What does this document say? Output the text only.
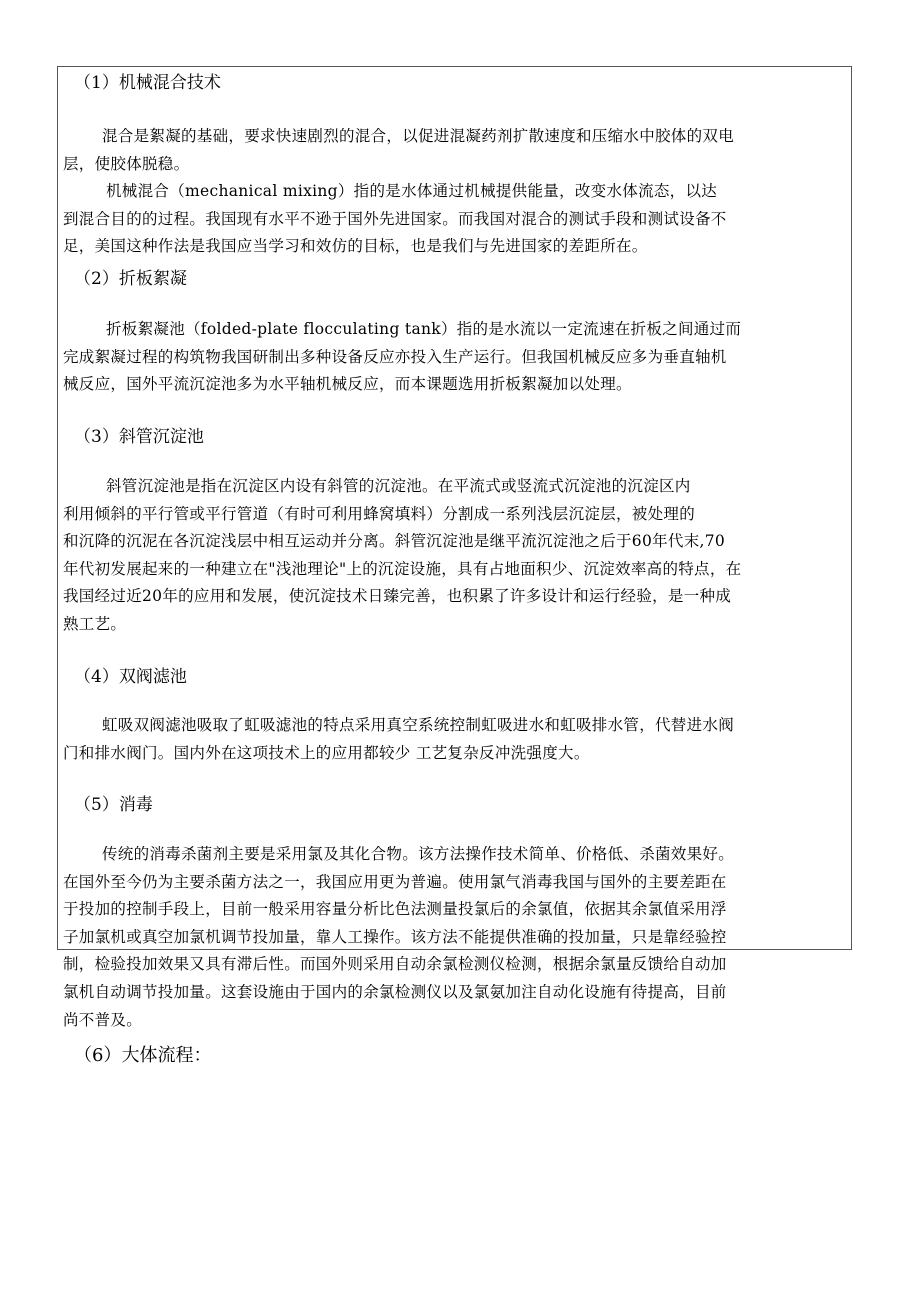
（1）机械混合技术
混合是絮凝的基础，要求快速剧烈的混合，以促进混凝药剂扩散速度和压缩水中胶体的双电
层，使胶体脱稳。
机械混合（mechanical mixing）指的是水体通过机械提供能量，改变水体流态，以达
到混合目的的过程。我国现有水平不逊于国外先进国家。而我国对混合的测试手段和测试设备不
足，美国这种作法是我国应当学习和效仿的目标，也是我们与先进国家的差距所在。
（2）折板絮凝
折板絮凝池（folded-plate flocculating tank）指的是水流以一定流速在折板之间通过而
完成絮凝过程的构筑物我国研制出多种设备反应亦投入生产运行。但我国机械反应多为垂直轴机
械反应，国外平流沉淀池多为水平轴机械反应，而本课题选用折板絮凝加以处理。
（3）斜管沉淀池
斜管沉淀池是指在沉淀区内设有斜管的沉淀池。在平流式或竖流式沉淀池的沉淀区内
利用倾斜的平行管或平行管道（有时可利用蜂窝填料）分割成一系列浅层沉淀层，被处理的
和沉降的沉泥在各沉淀浅层中相互运动并分离。斜管沉淀池是继平流沉淀池之后于60年代末,70
年代初发展起来的一种建立在"浅池理论"上的沉淀设施，具有占地面积少、沉淀效率高的特点，在
我国经过近20年的应用和发展，使沉淀技术日臻完善，也积累了许多设计和运行经验，是一种成
熟工艺。
（4）双阀滤池
虹吸双阀滤池吸取了虹吸滤池的特点采用真空系统控制虹吸进水和虹吸排水管，代替进水阀
门和排水阀门。国内外在这项技术上的应用都较少 工艺复杂反冲洗强度大。
（5）消毒
传统的消毒杀菌剂主要是采用氯及其化合物。该方法操作技术简单、价格低、杀菌效果好。
在国外至今仍为主要杀菌方法之一，我国应用更为普遍。使用氯气消毒我国与国外的主要差距在
于投加的控制手段上，目前一般采用容量分析比色法测量投氯后的余氯值，依据其余氯值采用浮
子加氯机或真空加氯机调节投加量，靠人工操作。该方法不能提供准确的投加量，只是靠经验控
制，检验投加效果又具有滞后性。而国外则采用自动余氯检测仪检测，根据余氯量反馈给自动加
氯机自动调节投加量。这套设施由于国内的余氯检测仪以及氯氨加注自动化设施有待提高，目前
尚不普及。
（6）大体流程：
